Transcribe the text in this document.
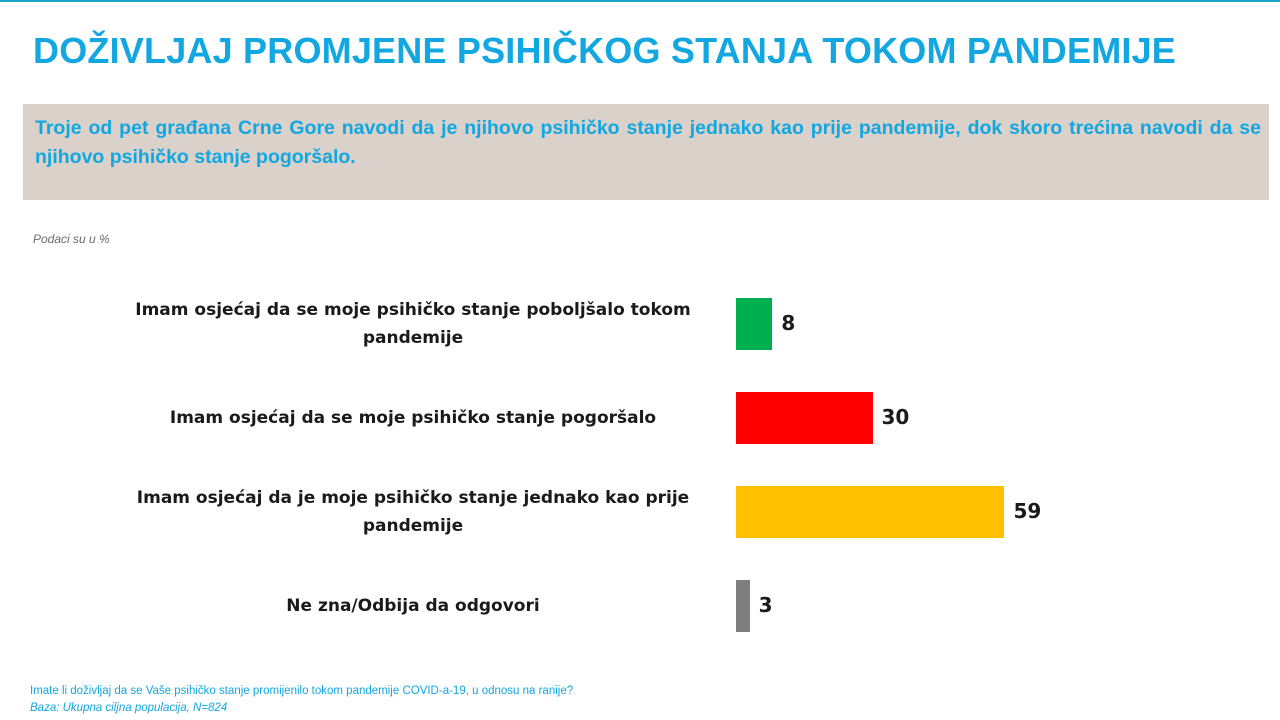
DOŽIVLJAJ PROMJENE PSIHIČKOG STANJA TOKOM PANDEMIJE
Troje od pet građana Crne Gore navodi da je njihovo psihičko stanje jednako kao prije pandemije, dok skoro trećina navodi da se njihovo psihičko stanje pogoršalo.
Podaci su u %
Imam osjećaj da se moje psihičko stanje poboljšalo tokom pandemije
8
Imam osjećaj da se moje psihičko stanje pogoršalo	30
Imam osjećaj da je moje psihičko stanje jednako kao prije pandemije
59
Ne zna/Odbija da odgovori	3
Imate li doživljaj da se Vaše psihičko stanje promijenilo tokom pandemije COVID-a-19, u odnosu na ranije?
Baza: Ukupna ciljna populacija, N=824
